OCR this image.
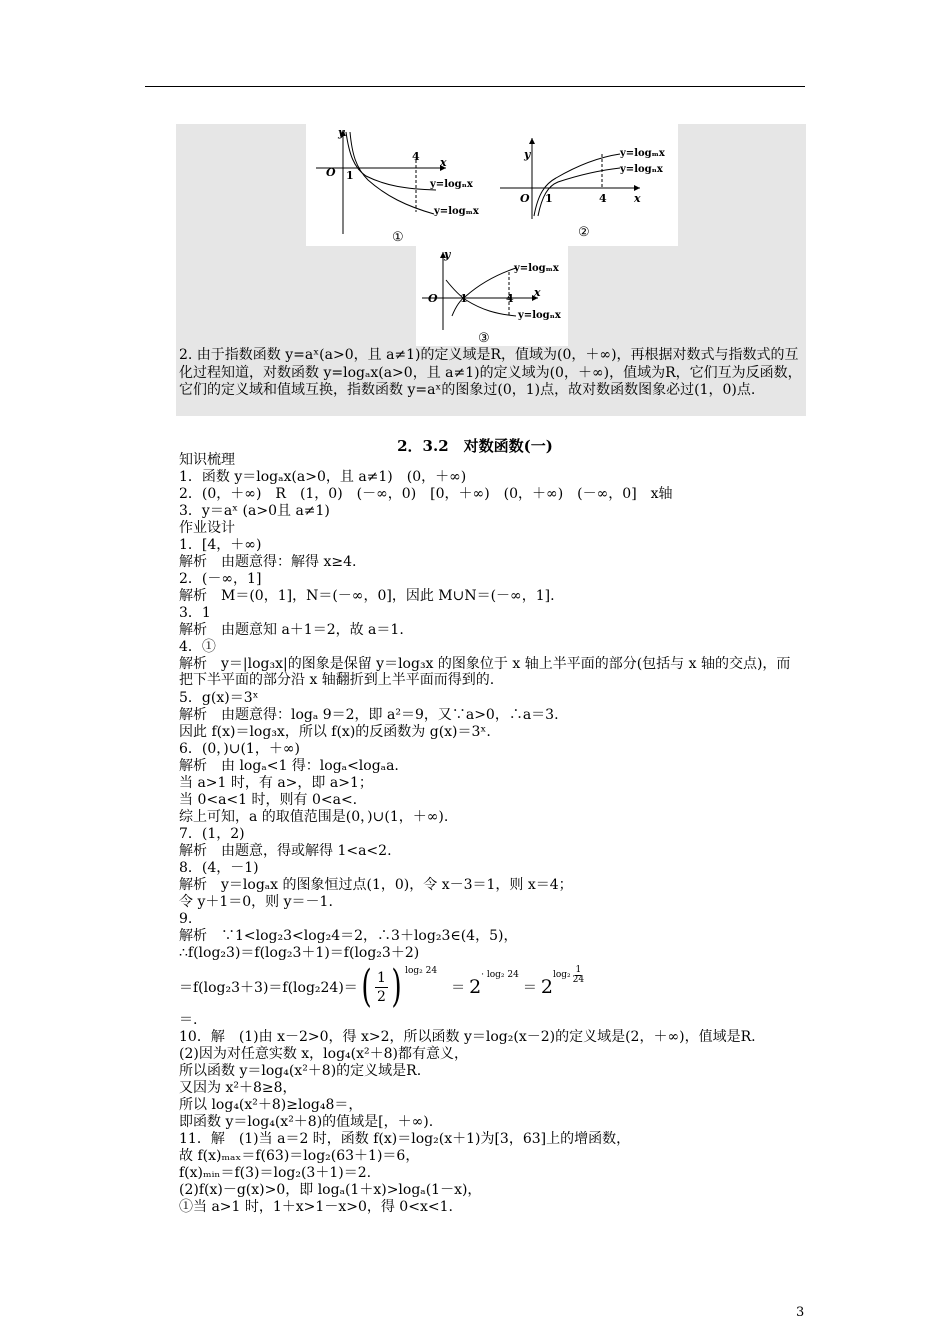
y
x
O 1
4
y=logₙx
y=logₘx
①
y
x
O 1	4
y=logₘx
y=logₙx
②
y
x
O 1	4
y=logₘx
y=logₙx
③
2. 由于指数函数 y=aˣ(a>0，且 a≠1)的定义域是R，值域为(0，＋∞)，再根据对数式与指数式的互化过程知道，对数函数 y=logₐx(a>0，且 a≠1)的定义域为(0，＋∞)，值域为R，它们互为反函数，它们的定义域和值域互换，指数函数 y=aˣ的图象过(0，1)点，故对数函数图象必过(1，0)点.
2．3.2　对数函数(一)
知识梳理
1．函数 y＝logₐx(a>0，且 a≠1)　(0，＋∞)
2．(0，＋∞)　R　(1，0)　(－∞，0)　[0，＋∞)　(0，＋∞)　(－∞，0]　x轴
3．y＝aˣ (a>0且 a≠1)
作业设计
1．[4，＋∞)
解析　由题意得：解得 x≥4.
2．(－∞，1]
解析　M＝(0，1]，N＝(－∞，0]，因此 M∪N＝(－∞，1].
3．1
解析　由题意知 a＋1＝2，故 a＝1.
4．①
解析　y＝|log₃x|的图象是保留 y＝log₃x 的图象位于 x 轴上半平面的部分(包括与 x 轴的交点)，而把下半平面的部分沿 x 轴翻折到上半平面而得到的.
5．g(x)＝3ˣ
解析　由题意得：logₐ 9＝2，即 a²＝9，又∵a>0，∴a＝3.
因此 f(x)＝log₃x，所以 f(x)的反函数为 g(x)＝3ˣ.
6．(0，)∪(1，＋∞)
解析　由 logₐ<1 得：logₐ<logₐa.
当 a>1 时，有 a>，即 a>1；
当 0<a<1 时，则有 0<a<.
综上可知，a 的取值范围是(0，)∪(1，＋∞).
7．(1，2)
解析　由题意，得或解得 1<a<2.
8．(4，－1)
解析　y＝logₐx 的图象恒过点(1，0)，令 x－3＝1，则 x＝4；
令 y＋1＝0，则 y＝－1.
9.
解析　∵1<log₂3<log₂4＝2，∴3＋log₂3∈(4，5)，
∴f(log₂3)＝f(log₂3＋1)＝f(log₂3＋2)
＝f(log₂3＋3)＝f(log₂24)＝ ( $\frac{1}{2}$ ) log₂ 24
＝ 2
· log₂ 24
＝ 2
$\log_2 \frac{1}{24}$
＝.
10．解　(1)由 x－2>0，得 x>2，所以函数 y＝log₂(x－2)的定义域是(2，＋∞)，值域是R.
(2)因为对任意实数 x，log₄(x²＋8)都有意义，
所以函数 y＝log₄(x²＋8)的定义域是R.
又因为 x²＋8≥8，
所以 log₄(x²＋8)≥log₄8＝，
即函数 y＝log₄(x²＋8)的值域是[，＋∞).
11．解　(1)当 a＝2 时，函数 f(x)＝log₂(x＋1)为[3，63]上的增函数，
故 f(x)ₘₐₓ＝f(63)＝log₂(63＋1)＝6，
f(x)ₘᵢₙ＝f(3)＝log₂(3＋1)＝2.
(2)f(x)－g(x)>0，即 logₐ(1＋x)>logₐ(1－x)，
①当 a>1 时，1＋x>1－x>0，得 0<x<1.
3
